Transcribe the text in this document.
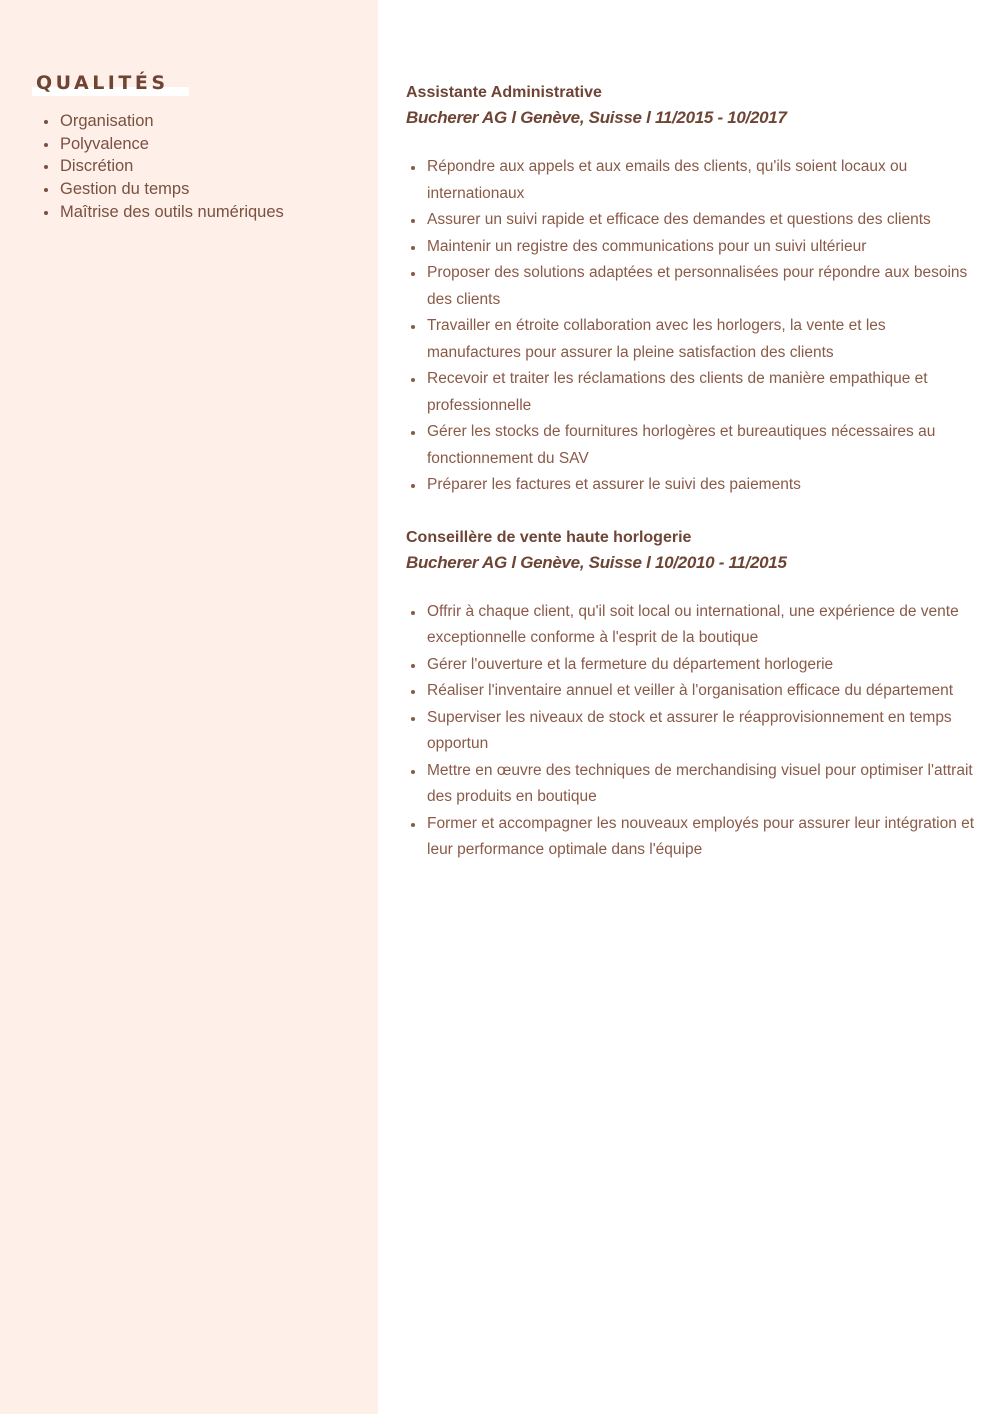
QUALITÉS
Organisation
Polyvalence
Discrétion
Gestion du temps
Maîtrise des outils numériques
Assistante Administrative

Bucherer AG l Genève, Suisse l 11/2015 - 10/2017

Répondre aux appels et aux emails des clients, qu'ils soient locaux ou internationaux
Assurer un suivi rapide et efficace des demandes et questions des clients
Maintenir un registre des communications pour un suivi ultérieur
Proposer des solutions adaptées et personnalisées pour répondre aux besoins des clients
Travailler en étroite collaboration avec les horlogers, la vente et les manufactures pour assurer la pleine satisfaction des clients
Recevoir et traiter les réclamations des clients de manière empathique et professionnelle
Gérer les stocks de fournitures horlogères et bureautiques nécessaires au fonctionnement du SAV
Préparer les factures et assurer le suivi des paiements
Conseillère de vente haute horlogerie

Bucherer AG l Genève, Suisse l 10/2010 - 11/2015

Offrir à chaque client, qu'il soit local ou international, une expérience de vente exceptionnelle conforme à l'esprit de la boutique
Gérer l'ouverture et la fermeture du département horlogerie
Réaliser l'inventaire annuel et veiller à l'organisation efficace du département
Superviser les niveaux de stock et assurer le réapprovisionnement en temps opportun
Mettre en œuvre des techniques de merchandising visuel pour optimiser l'attrait des produits en boutique
Former et accompagner les nouveaux employés pour assurer leur intégration et leur performance optimale dans l'équipe
